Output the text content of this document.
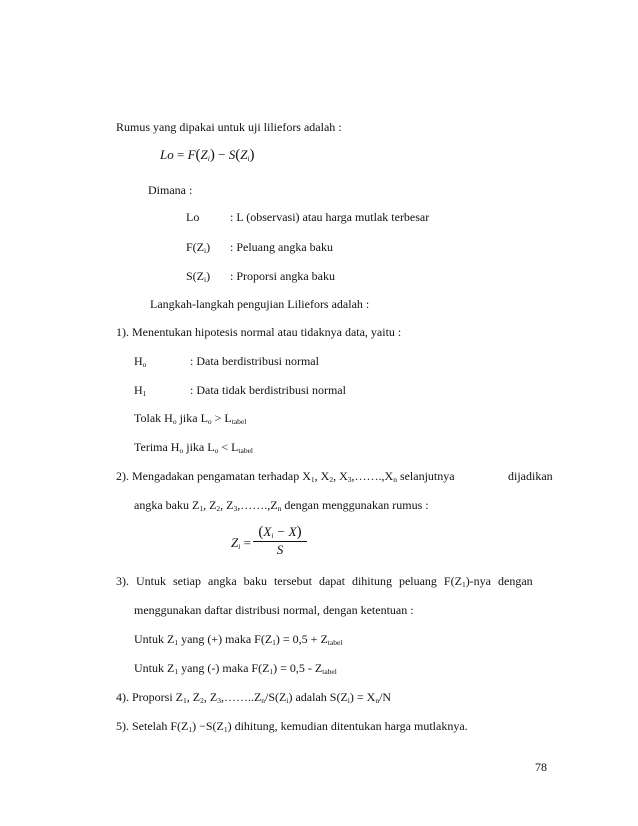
Rumus yang dipakai untuk uji liliefors adalah :
Lo = F(Zi) − S(Zi)
Dimana :
Lo	: L (observasi) atau harga mutlak terbesar
F(Zi) : Peluang angka baku
S(Zi) : Proporsi angka baku
Langkah-langkah pengujian Liliefors adalah :
1). Menentukan hipotesis normal atau tidaknya data, yaitu :
Ho	: Data berdistribusi normal
H1	: Data tidak berdistribusi normal
Tolak Ho jika Lo > Ltabel
Terima Ho jika Lo < Ltabel
2). Mengadakan pengamatan terhadap X1, X2, X3,…….,Xn selanjutnya	dijadikan
angka baku Z1, Z2, Z3,…….,Zn dengan menggunakan rumus :
Zi =
(Xi − X)
S
3). Untuk setiap angka baku tersebut dapat dihitung peluang F(Z1)-nya dengan
menggunakan daftar distribusi normal, dengan ketentuan :
Untuk Z1 yang (+) maka F(Z1) = 0,5 + Ztabel
Untuk Z1 yang (-) maka F(Z1) = 0,5 - Ztabel
4). Proporsi Z1, Z2, Z3,……..Zn/S(Zi) adalah S(Zi) = Xn/N
5). Setelah F(Z1) −S(Z1) dihitung, kemudian ditentukan harga mutlaknya.
78
